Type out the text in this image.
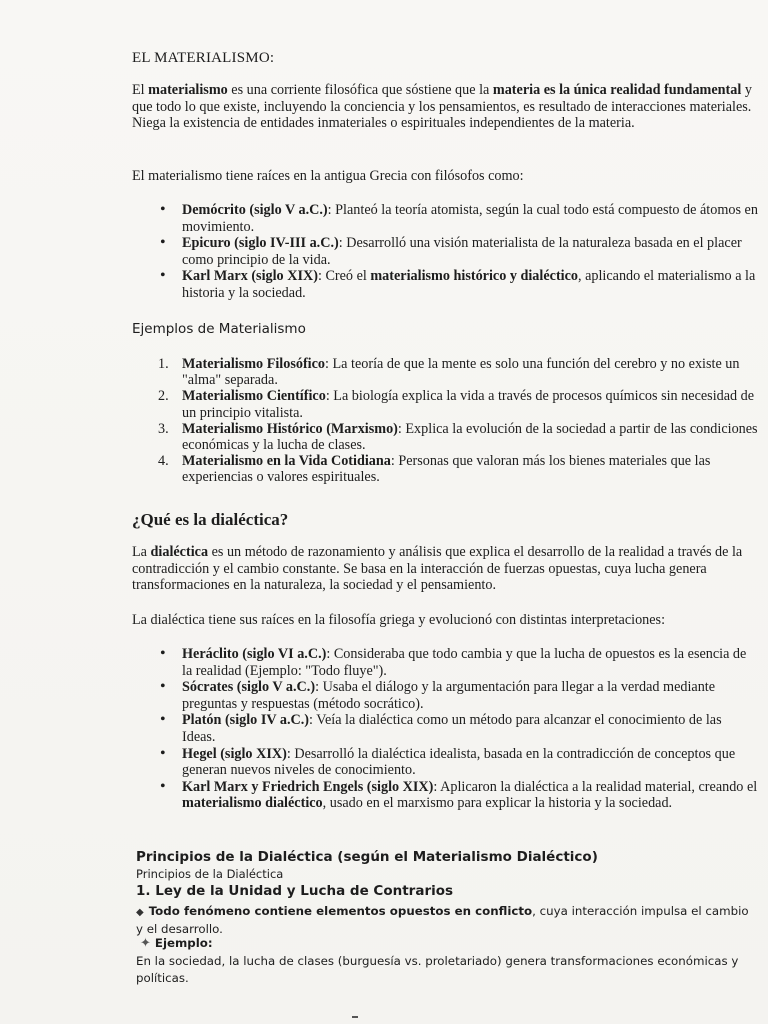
EL MATERIALISMO:

El materialismo es una corriente filosófica que sóstiene que la materia es la única realidad fundamental y que todo lo que existe, incluyendo la conciencia y los pensamientos, es resultado de interacciones materiales. Niega la existencia de entidades inmateriales o espirituales independientes de la materia.

El materialismo tiene raíces en la antigua Grecia con filósofos como:

• Demócrito (siglo V a.C.): Planteó la teoría atomista, según la cual todo está compuesto de átomos en movimiento.
• Epicuro (siglo IV-III a.C.): Desarrolló una visión materialista de la naturaleza basada en el placer como principio de la vida.
• Karl Marx (siglo XIX): Creó el materialismo histórico y dialéctico, aplicando el materialismo a la historia y la sociedad.
Ejemplos de Materialismo
1. Materialismo Filosófico: La teoría de que la mente es solo una función del cerebro y no existe un "alma" separada.
2. Materialismo Científico: La biología explica la vida a través de procesos químicos sin necesidad de un principio vitalista.
3. Materialismo Histórico (Marxismo): Explica la evolución de la sociedad a partir de las condiciones económicas y la lucha de clases.
4. Materialismo en la Vida Cotidiana: Personas que valoran más los bienes materiales que las experiencias o valores espirituales.
¿Qué es la dialéctica?

La dialéctica es un método de razonamiento y análisis que explica el desarrollo de la realidad a través de la contradicción y el cambio constante. Se basa en la interacción de fuerzas opuestas, cuya lucha genera transformaciones en la naturaleza, la sociedad y el pensamiento.

La dialéctica tiene sus raíces en la filosofía griega y evolucionó con distintas interpretaciones:

• Heráclito (siglo VI a.C.): Consideraba que todo cambia y que la lucha de opuestos es la esencia de la realidad (Ejemplo: "Todo fluye").
• Sócrates (siglo V a.C.): Usaba el diálogo y la argumentación para llegar a la verdad mediante preguntas y respuestas (método socrático).
• Platón (siglo IV a.C.): Veía la dialéctica como un método para alcanzar el conocimiento de las Ideas.
• Hegel (siglo XIX): Desarrolló la dialéctica idealista, basada en la contradicción de conceptos que generan nuevos niveles de conocimiento.
• Karl Marx y Friedrich Engels (siglo XIX): Aplicaron la dialéctica a la realidad material, creando el materialismo dialéctico, usado en el marxismo para explicar la historia y la sociedad.
Principios de la Dialéctica (según el Materialismo Dialéctico)
Principios de la Dialéctica
1. Ley de la Unidad y Lucha de Contrarios

◆ Todo fenómeno contiene elementos opuestos en conflicto, cuya interacción impulsa el cambio y el desarrollo.

✦ Ejemplo:

En la sociedad, la lucha de clases (burguesía vs. proletariado) genera transformaciones económicas y políticas.
